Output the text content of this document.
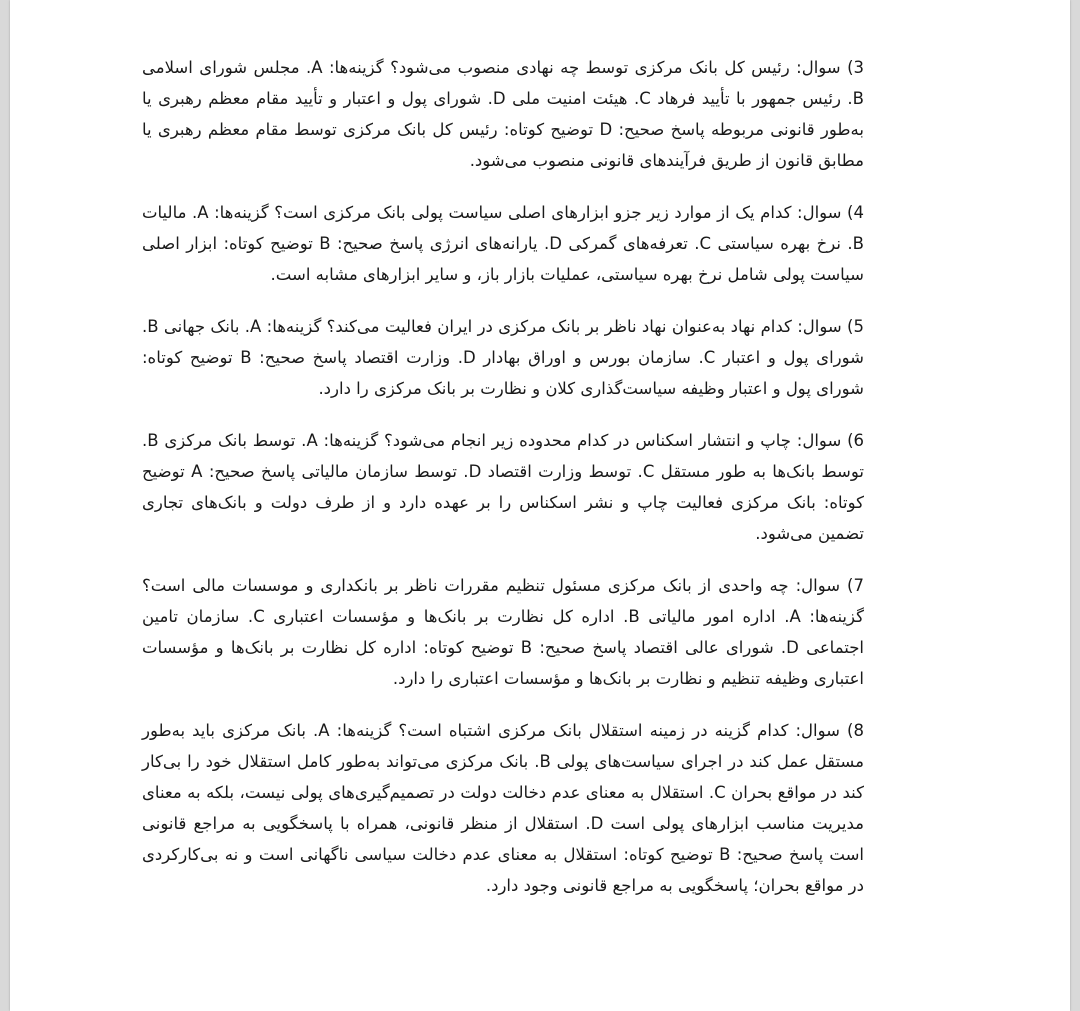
3) سوال: رئیس کل بانک مرکزی توسط چه نهادی منصوب می‌شود؟ گزینه‌ها: A. مجلس شورای اسلامی B. رئیس جمهور با تأیید فرهاد C. هیئت امنیت ملی D. شورای پول و اعتبار و تأیید مقام معظم رهبری یا به‌طور قانونی مربوطه پاسخ صحیح: D توضیح کوتاه: رئیس کل بانک مرکزی توسط مقام معظم رهبری یا مطابق قانون از طریق فرآیندهای قانونی منصوب می‌شود.

4) سوال: کدام یک از موارد زیر جزو ابزارهای اصلی سیاست پولی بانک مرکزی است؟ گزینه‌ها: A. مالیات B. نرخ بهره سیاستی C. تعرفه‌های گمرکی D. یارانه‌های انرژی پاسخ صحیح: B توضیح کوتاه: ابزار اصلی سیاست پولی شامل نرخ بهره سیاستی، عملیات بازار باز، و سایر ابزارهای مشابه است.

5) سوال: کدام نهاد به‌عنوان نهاد ناظر بر بانک مرکزی در ایران فعالیت می‌کند؟ گزینه‌ها: A. بانک جهانی B. شورای پول و اعتبار C. سازمان بورس و اوراق بهادار D. وزارت اقتصاد پاسخ صحیح: B توضیح کوتاه: شورای پول و اعتبار وظیفه سیاست‌گذاری کلان و نظارت بر بانک مرکزی را دارد.

6) سوال: چاپ و انتشار اسکناس در کدام محدوده زیر انجام می‌شود؟ گزینه‌ها: A. توسط بانک مرکزی B. توسط بانک‌ها به طور مستقل C. توسط وزارت اقتصاد D. توسط سازمان مالیاتی پاسخ صحیح: A توضیح کوتاه: بانک مرکزی فعالیت چاپ و نشر اسکناس را بر عهده دارد و از طرف دولت و بانک‌های تجاری تضمین می‌شود.

7) سوال: چه واحدی از بانک مرکزی مسئول تنظیم مقررات ناظر بر بانکداری و موسسات مالی است؟ گزینه‌ها: A. اداره امور مالیاتی B. اداره کل نظارت بر بانک‌ها و مؤسسات اعتباری C. سازمان تامین اجتماعی D. شورای عالی اقتصاد پاسخ صحیح: B توضیح کوتاه: اداره کل نظارت بر بانک‌ها و مؤسسات اعتباری وظیفه تنظیم و نظارت بر بانک‌ها و مؤسسات اعتباری را دارد.

8) سوال: کدام گزینه در زمینه استقلال بانک مرکزی اشتباه است؟ گزینه‌ها: A. بانک مرکزی باید به‌طور مستقل عمل کند در اجرای سیاست‌های پولی B. بانک مرکزی می‌تواند به‌طور کامل استقلال خود را بی‌کار کند در مواقع بحران C. استقلال به معنای عدم دخالت دولت در تصمیم‌گیری‌های پولی نیست، بلکه به معنای مدیریت مناسب ابزارهای پولی است D. استقلال از منظر قانونی، همراه با پاسخگویی به مراجع قانونی است پاسخ صحیح: B توضیح کوتاه: استقلال به معنای عدم دخالت سیاسی ناگهانی است و نه بی‌کارکردی در مواقع بحران؛ پاسخگویی به مراجع قانونی وجود دارد.
